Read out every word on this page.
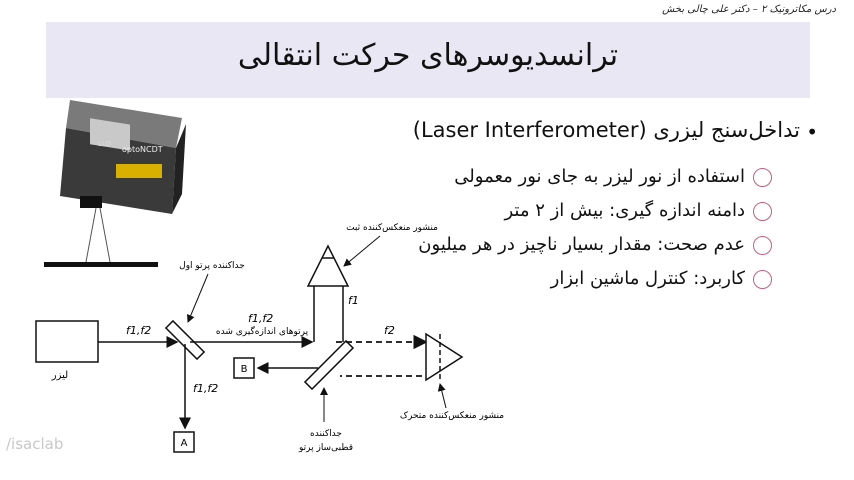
درس مکاترونیک ۲ – دکتر علی چالی بخش
ترانسدیوسرهای حرکت انتقالی
•
تداخل‌سنج لیزری (Laser Interferometer)
استفاده از نور لیزر به جای نور معمولی
دامنه اندازه گیری: بیش از ۲ متر
عدم صحت: مقدار بسیار ناچیز در هر میلیون
کاربرد: کنترل ماشین ابزار
LLO
optoNCDT
لیزر
f1,f2
جداکننده پرتو اول
f1,f2
A
f1,f2
پرتوهای اندازه‌گیری شده
جداکننده
قطبی‌ساز پرتو
f1
منشور منعکس‌کننده ثبت
f2
منشور منعکس‌کننده متحرک
B
/isaclab
